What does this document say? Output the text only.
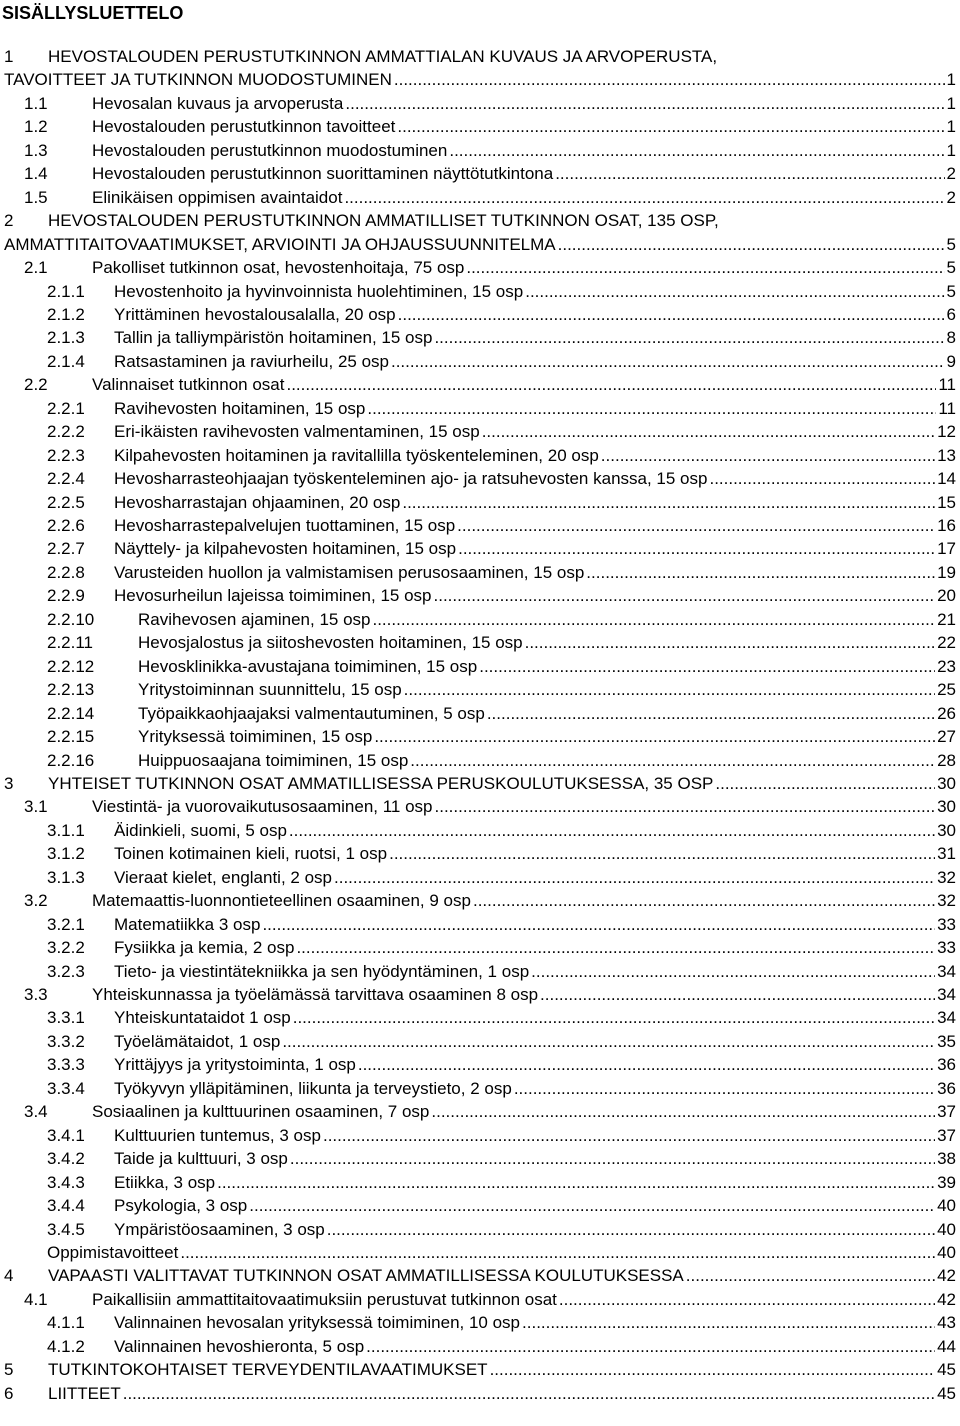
SISÄLLYSLUETTELO
1 HEVOSTALOUDEN PERUSTUTKINNON AMMATTIALAN KUVAUS JA ARVOPERUSTA,
TAVOITTEET JA TUTKINNON MUODOSTUMINEN .....	1
1.1	Hevosalan kuvaus ja arvoperusta .....	1
1.2	Hevostalouden perustutkinnon tavoitteet .....	1
1.3	Hevostalouden perustutkinnon muodostuminen .....	1
1.4	Hevostalouden perustutkinnon suorittaminen näyttötutkintona .....	2
1.5	Elinikäisen oppimisen avaintaidot .....	2
2 HEVOSTALOUDEN PERUSTUTKINNON AMMATILLISET TUTKINNON OSAT, 135 OSP,
AMMATTITAITOVAATIMUKSET, ARVIOINTI JA OHJAUSSUUNNITELMA .....	5
2.1	Pakolliset tutkinnon osat, hevostenhoitaja, 75 osp .....	5
2.1.1 Hevostenhoito ja hyvinvoinnista huolehtiminen, 15 osp .....	5
2.1.2 Yrittäminen hevostalousalalla, 20 osp .....	6
2.1.3 Tallin ja talliympäristön hoitaminen, 15 osp .....	8
2.1.4 Ratsastaminen ja raviurheilu, 25 osp .....	9
2.2	Valinnaiset tutkinnon osat .....	11
2.2.1 Ravihevosten hoitaminen, 15 osp .....	11
2.2.2 Eri-ikäisten ravihevosten valmentaminen, 15 osp .....	12
2.2.3 Kilpahevosten hoitaminen ja ravitallilla työskenteleminen, 20 osp .....	13
2.2.4 Hevosharrasteohjaajan työskenteleminen ajo- ja ratsuhevosten kanssa, 15 osp .....	14
2.2.5 Hevosharrastajan ohjaaminen, 20 osp .....	15
2.2.6 Hevosharrastepalvelujen tuottaminen, 15 osp .....	16
2.2.7 Näyttely- ja kilpahevosten hoitaminen, 15 osp .....	17
2.2.8 Varusteiden huollon ja valmistamisen perusosaaminen, 15 osp .....	19
2.2.9 Hevosurheilun lajeissa toimiminen, 15 osp .....	20
2.2.10	Ravihevosen ajaminen, 15 osp .....	21
2.2.11	Hevosjalostus ja siitoshevosten hoitaminen, 15 osp .....	22
2.2.12	Hevosklinikka-avustajana toimiminen, 15 osp .....	23
2.2.13	Yritystoiminnan suunnittelu, 15 osp .....	25
2.2.14	Työpaikkaohjaajaksi valmentautuminen, 5 osp .....	26
2.2.15	Yrityksessä toimiminen, 15 osp .....	27
2.2.16	Huippuosaajana toimiminen, 15 osp .....	28
3 YHTEISET TUTKINNON OSAT AMMATILLISESSA PERUSKOULUTUKSESSA, 35 OSP .....	30
3.1	Viestintä- ja vuorovaikutusosaaminen, 11 osp .....	30
3.1.1 Äidinkieli, suomi, 5 osp .....	30
3.1.2 Toinen kotimainen kieli, ruotsi, 1 osp .....	31
3.1.3 Vieraat kielet, englanti, 2 osp .....	32
3.2	Matemaattis-luonnontieteellinen osaaminen, 9 osp .....	32
3.2.1 Matematiikka 3 osp .....	33
3.2.2 Fysiikka ja kemia, 2 osp .....	33
3.2.3 Tieto- ja viestintätekniikka ja sen hyödyntäminen, 1 osp .....	34
3.3	Yhteiskunnassa ja työelämässä tarvittava osaaminen 8 osp .....	34
3.3.1 Yhteiskuntataidot 1 osp .....	34
3.3.2 Työelämätaidot, 1 osp .....	35
3.3.3 Yrittäjyys ja yritystoiminta, 1 osp .....	36
3.3.4 Työkyvyn ylläpitäminen, liikunta ja terveystieto, 2 osp .....	36
3.4	Sosiaalinen ja kulttuurinen osaaminen, 7 osp .....	37
3.4.1 Kulttuurien tuntemus, 3 osp .....	37
3.4.2 Taide ja kulttuuri, 3 osp .....	38
3.4.3 Etiikka, 3 osp .....	39
3.4.4 Psykologia, 3 osp .....	40
3.4.5 Ympäristöosaaminen, 3 osp .....	40
Oppimistavoitteet .....	40
4 VAPAASTI VALITTAVAT TUTKINNON OSAT AMMATILLISESSA KOULUTUKSESSA .....	42
4.1	Paikallisiin ammattitaitovaatimuksiin perustuvat tutkinnon osat .....	42
4.1.1 Valinnainen hevosalan yrityksessä toimiminen, 10 osp .....	43
4.1.2 Valinnainen hevoshieronta, 5 osp .....	44
5 TUTKINTOKOHTAISET TERVEYDENTILAVAATIMUKSET .....	45
6 LIITTEET .....	45
